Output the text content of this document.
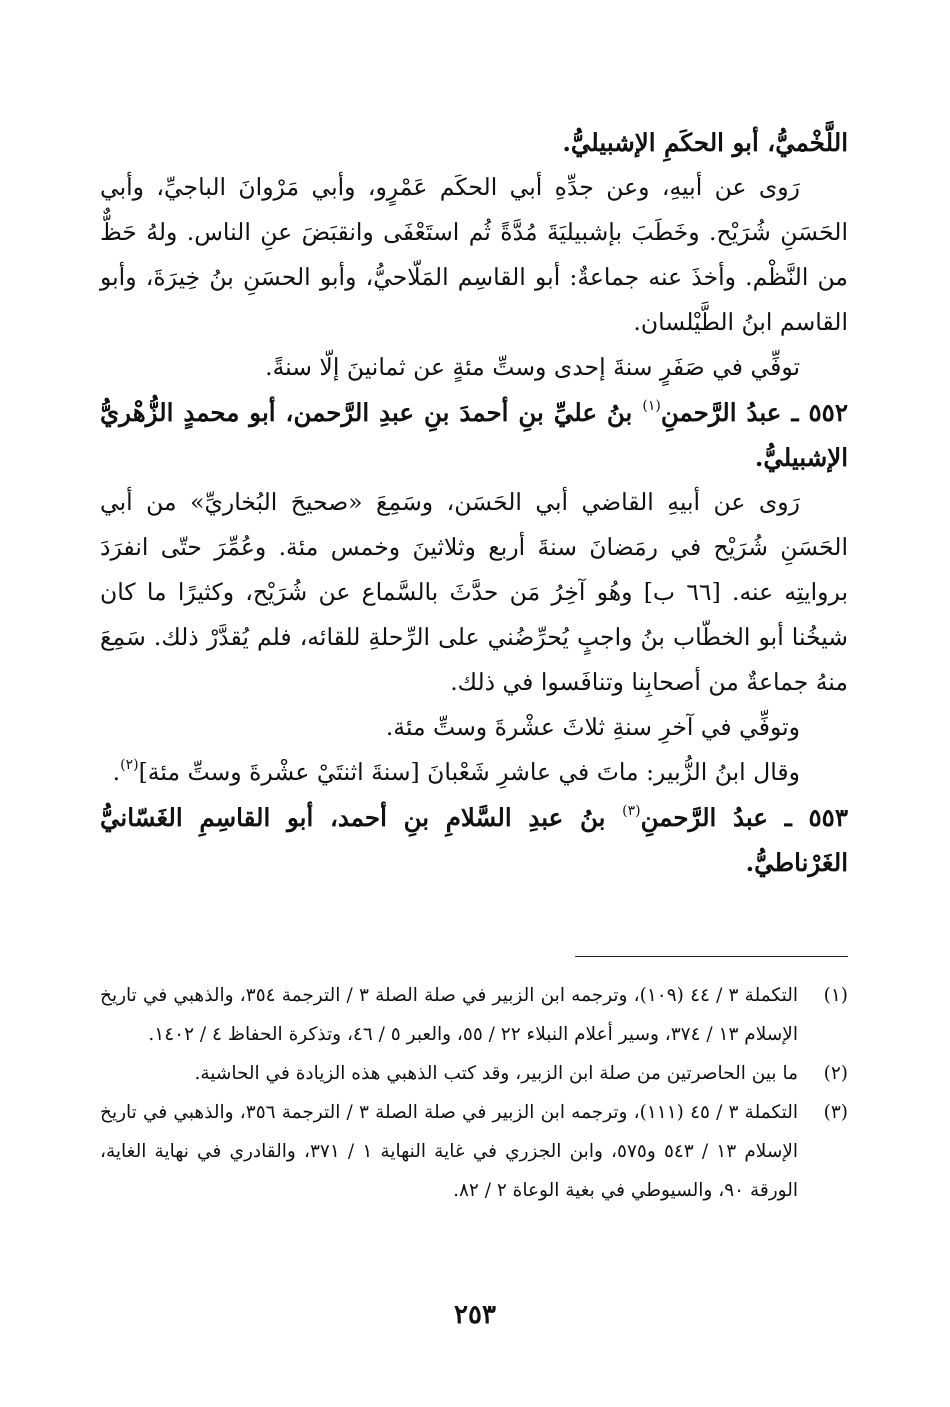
اللَّخْميُّ، أبو الحكَمِ الإشبيليُّ.

رَوى عن أبيهِ، وعن جدِّهِ أبي الحكَم عَمْرٍو، وأبي مَرْوانَ الباجيِّ، وأبي الحَسَنِ شُرَيْح. وخَطَبَ بإشبيليَةَ مُدَّةً ثُم استَعْفَى وانقبَضَ عنِ الناس. ولهُ حَظٌّ من النَّظْم. وأخذَ عنه جماعةٌ: أبو القاسِم المَلّاحيُّ، وأبو الحسَنِ بنُ خِيرَةَ، وأبو القاسم ابنُ الطَّيْلسان.

توفِّي في صَفَرٍ سنةَ إحدى وستِّ مئةٍ عن ثمانينَ إلّا سنةً.

٥٥٢ ـ عبدُ الرَّحمنِ$^{(١)}$ بنُ عليِّ بنِ أحمدَ بنِ عبدِ الرَّحمن، أبو محمدٍ الزُّهْريُّ الإشبيليُّ.

رَوى عن أبيهِ القاضي أبي الحَسَن، وسَمِعَ «صحيحَ البُخاريِّ» من أبي الحَسَنِ شُرَيْح في رمَضانَ سنةَ أربع وثلاثينَ وخمس مئة. وعُمِّرَ حتّى انفرَدَ بروايتِه عنه. [٦٦ ب] وهُو آخِرُ مَن حدَّثَ بالسَّماع عن شُرَيْح، وكثيرًا ما كان شيخُنا أبو الخطّاب بنُ واجبٍ يُحرِّضُني على الرِّحلةِ للقائه، فلم يُقدَّرْ ذلك. سَمِعَ منهُ جماعةٌ من أصحابِنا وتنافَسوا في ذلك.

وتوفِّي في آخرِ سنةِ ثلاثَ عشْرةَ وستِّ مئة.

وقال ابنُ الزُّبير: ماتَ في عاشرِ شَعْبانَ [سنةَ اثنتَيْ عشْرةَ وستِّ مئة]$^{(٢)}$.

٥٥٣ ـ عبدُ الرَّحمنِ$^{(٣)}$ بنُ عبدِ السَّلامِ بنِ أحمد، أبو القاسِمِ الغَسّانيُّ الغَرْناطيُّ.

(١)
التكملة ٣ / ٤٤ (١٠٩)، وترجمه ابن الزبير في صلة الصلة ٣ / الترجمة ٣٥٤، والذهبي في تاريخ الإسلام ١٣ / ٣٧٤، وسير أعلام النبلاء ٢٢ / ٥٥، والعبر ٥ / ٤٦، وتذكرة الحفاظ ٤ / ١٤٠٢.
(٢)
ما بين الحاصرتين من صلة ابن الزبير، وقد كتب الذهبي هذه الزيادة في الحاشية.
(٣)
التكملة ٣ / ٤٥ (١١١)، وترجمه ابن الزبير في صلة الصلة ٣ / الترجمة ٣٥٦، والذهبي في تاريخ الإسلام ١٣ / ٥٤٣ و٥٧٥، وابن الجزري في غاية النهاية ١ / ٣٧١، والقادري في نهاية الغاية، الورقة ٩٠، والسيوطي في بغية الوعاة ٢ / ٨٢.
٢٥٣
